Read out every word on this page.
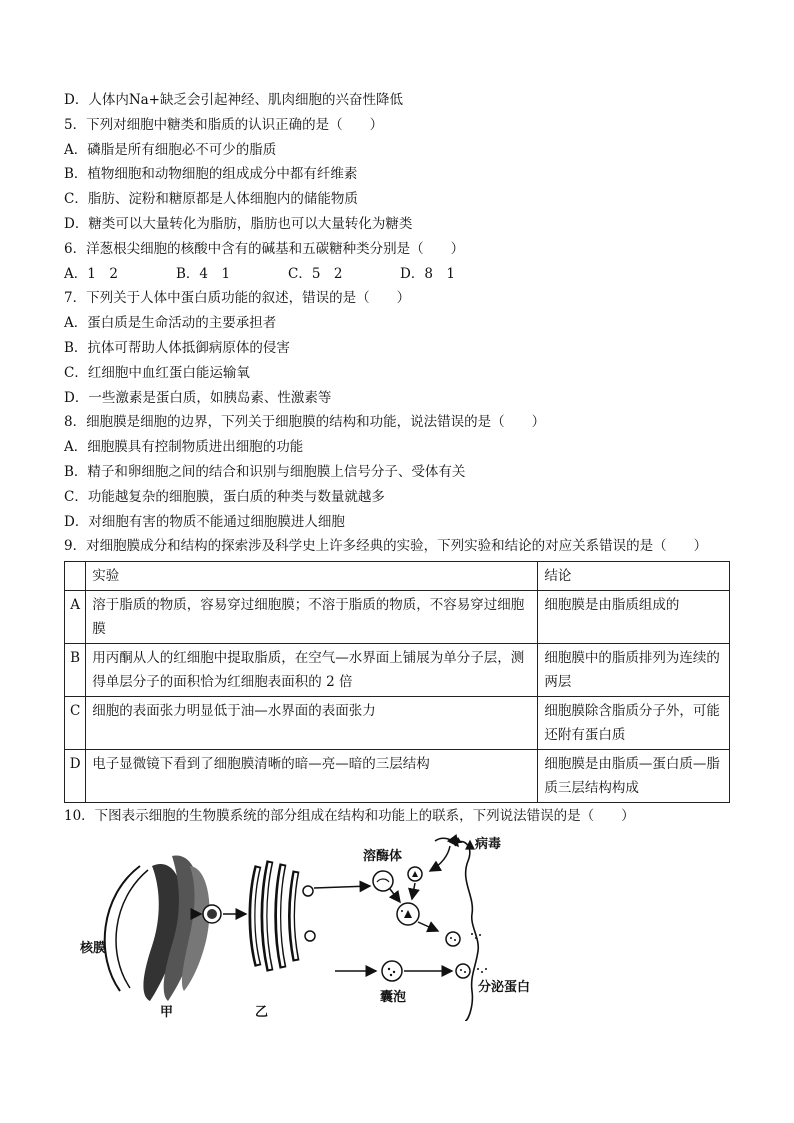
D．人体内Na+缺乏会引起神经、肌肉细胞的兴奋性降低
5．下列对细胞中糖类和脂质的认识正确的是（　　）
A．磷脂是所有细胞必不可少的脂质
B．植物细胞和动物细胞的组成成分中都有纤维素
C．脂肪、淀粉和糖原都是人体细胞内的储能物质
D．糖类可以大量转化为脂肪，脂肪也可以大量转化为糖类
6．洋葱根尖细胞的核酸中含有的碱基和五碳糖种类分别是（　　）
A．1　2	B．4　1	C．5　2	D．8　1
7．下列关于人体中蛋白质功能的叙述，错误的是（　　）
A．蛋白质是生命活动的主要承担者
B．抗体可帮助人体抵御病原体的侵害
C．红细胞中血红蛋白能运输氧
D．一些激素是蛋白质，如胰岛素、性激素等
8．细胞膜是细胞的边界，下列关于细胞膜的结构和功能，说法错误的是（　　）
A．细胞膜具有控制物质进出细胞的功能
B．精子和卵细胞之间的结合和识别与细胞膜上信号分子、受体有关
C．功能越复杂的细胞膜，蛋白质的种类与数量就越多
D．对细胞有害的物质不能通过细胞膜进人细胞
9．对细胞膜成分和结构的探索涉及科学史上许多经典的实验，下列实验和结论的对应关系错误的是（　　）
	实验	结论
A	溶于脂质的物质，容易穿过细胞膜；不溶于脂质的物质，不容易穿过细胞膜	细胞膜是由脂质组成的
B	用丙酮从人的红细胞中提取脂质，在空气—水界面上铺展为单分子层，测得单层分子的面积恰为红细胞表面积的 2 倍	细胞膜中的脂质排列为连续的两层
C	细胞的表面张力明显低于油—水界面的表面张力	细胞膜除含脂质分子外，可能还附有蛋白质
D	电子显微镜下看到了细胞膜清晰的暗—亮—暗的三层结构	细胞膜是由脂质—蛋白质—脂质三层结构构成
10．下图表示细胞的生物膜系统的部分组成在结构和功能上的联系，下列说法错误的是（　　）
核膜
甲	乙
溶酶体
▲病毒
囊泡
分泌蛋白
